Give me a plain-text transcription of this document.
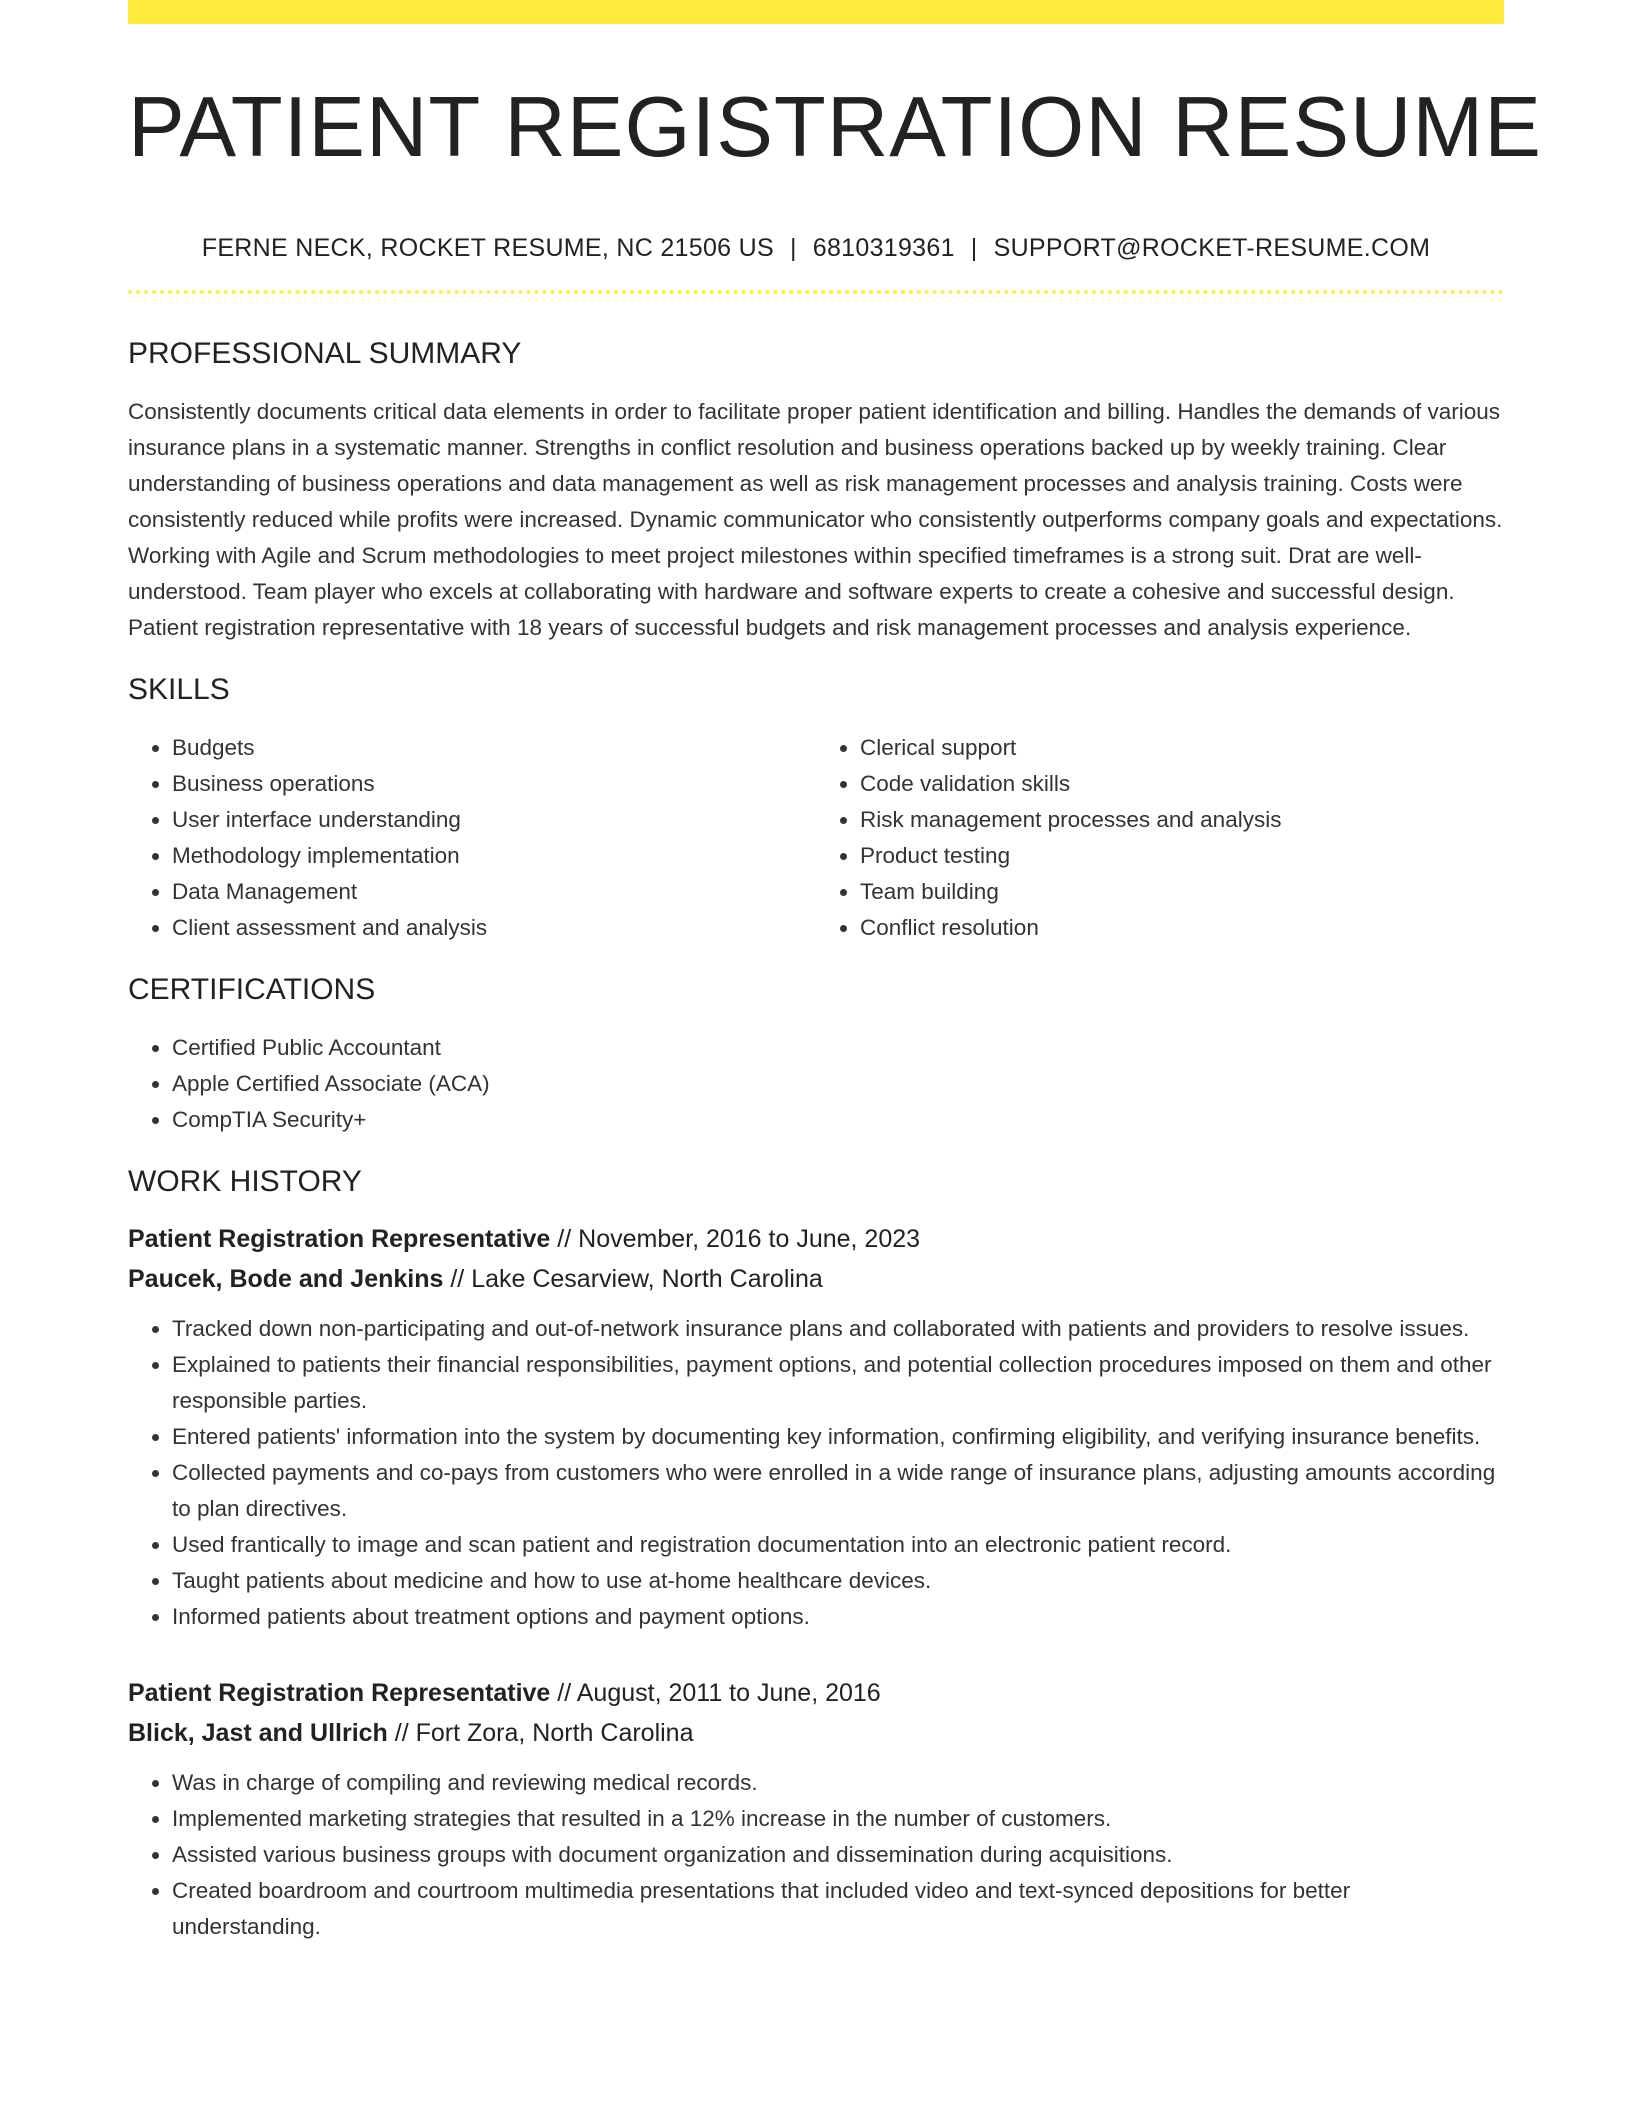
PATIENT REGISTRATION RESUME
FERNE NECK, ROCKET RESUME, NC 21506 US | 6810319361 | SUPPORT@ROCKET-RESUME.COM
PROFESSIONAL SUMMARY

Consistently documents critical data elements in order to facilitate proper patient identification and billing. Handles the demands of various insurance plans in a systematic manner. Strengths in conflict resolution and business operations backed up by weekly training. Clear understanding of business operations and data management as well as risk management processes and analysis training. Costs were consistently reduced while profits were increased. Dynamic communicator who consistently outperforms company goals and expectations. Working with Agile and Scrum methodologies to meet project milestones within specified timeframes is a strong suit. Drat are well-understood. Team player who excels at collaborating with hardware and software experts to create a cohesive and successful design. Patient registration representative with 18 years of successful budgets and risk management processes and analysis experience.

SKILLS
• Budgets
• Business operations
• User interface understanding
• Methodology implementation
• Data Management
• Client assessment and analysis
• Clerical support
• Code validation skills
• Risk management processes and analysis
• Product testing
• Team building
• Conflict resolution
CERTIFICATIONS
• Certified Public Accountant
• Apple Certified Associate (ACA)
• CompTIA Security+
WORK HISTORY
Patient Registration Representative // November, 2016 to June, 2023
Paucek, Bode and Jenkins // Lake Cesarview, North Carolina
• Tracked down non-participating and out-of-network insurance plans and collaborated with patients and providers to resolve issues.
• Explained to patients their financial responsibilities, payment options, and potential collection procedures imposed on them and other responsible parties.
• Entered patients' information into the system by documenting key information, confirming eligibility, and verifying insurance benefits.
• Collected payments and co-pays from customers who were enrolled in a wide range of insurance plans, adjusting amounts according to plan directives.
• Used frantically to image and scan patient and registration documentation into an electronic patient record.
• Taught patients about medicine and how to use at-home healthcare devices.
• Informed patients about treatment options and payment options.
Patient Registration Representative // August, 2011 to June, 2016
Blick, Jast and Ullrich // Fort Zora, North Carolina
• Was in charge of compiling and reviewing medical records.
• Implemented marketing strategies that resulted in a 12% increase in the number of customers.
• Assisted various business groups with document organization and dissemination during acquisitions.
• Created boardroom and courtroom multimedia presentations that included video and text-synced depositions for better understanding.
